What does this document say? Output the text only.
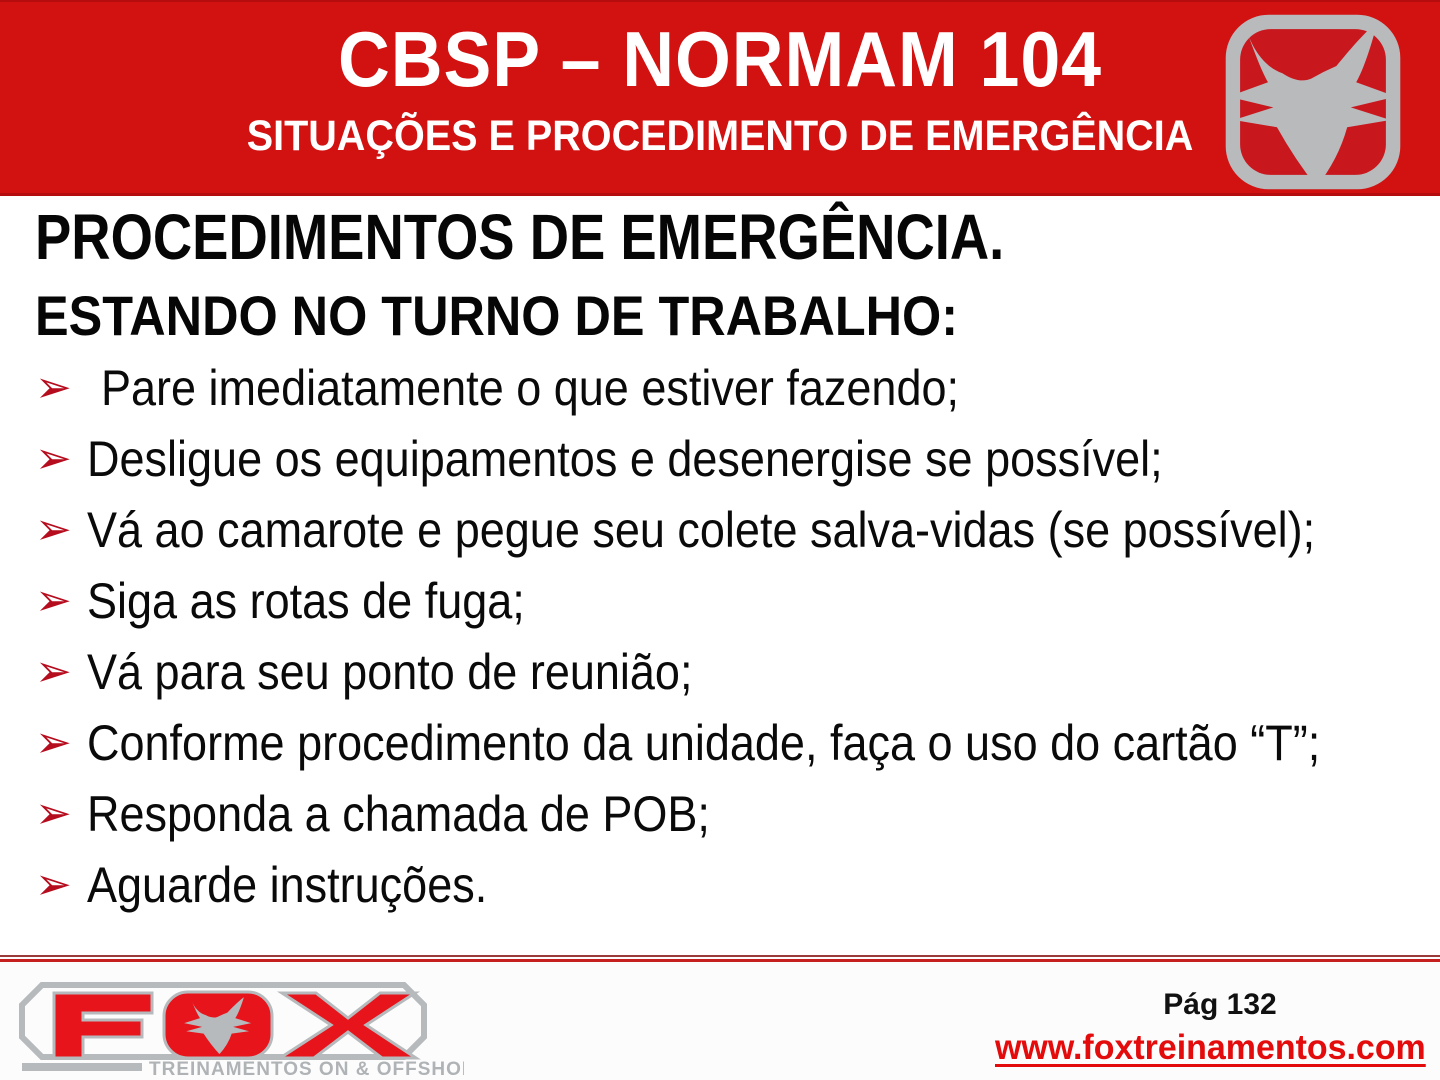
CBSP – NORMAM 104
SITUAÇÕES E PROCEDIMENTO DE EMERGÊNCIA
PROCEDIMENTOS DE EMERGÊNCIA.
ESTANDO NO TURNO DE TRABALHO:
➢ Pare imediatamente o que estiver fazendo;
➢ Desligue os equipamentos e desenergise se possível;
➢ Vá ao camarote e pegue seu colete salva-vidas (se possível);
➢ Siga as rotas de fuga;
➢ Vá para seu ponto de reunião;
➢ Conforme procedimento da unidade, faça o uso do cartão “T”;
➢ Responda a chamada de POB;
➢ Aguarde instruções.
TREINAMENTOS ON & OFFSHORE
Pág 132
www.foxtreinamentos.com
